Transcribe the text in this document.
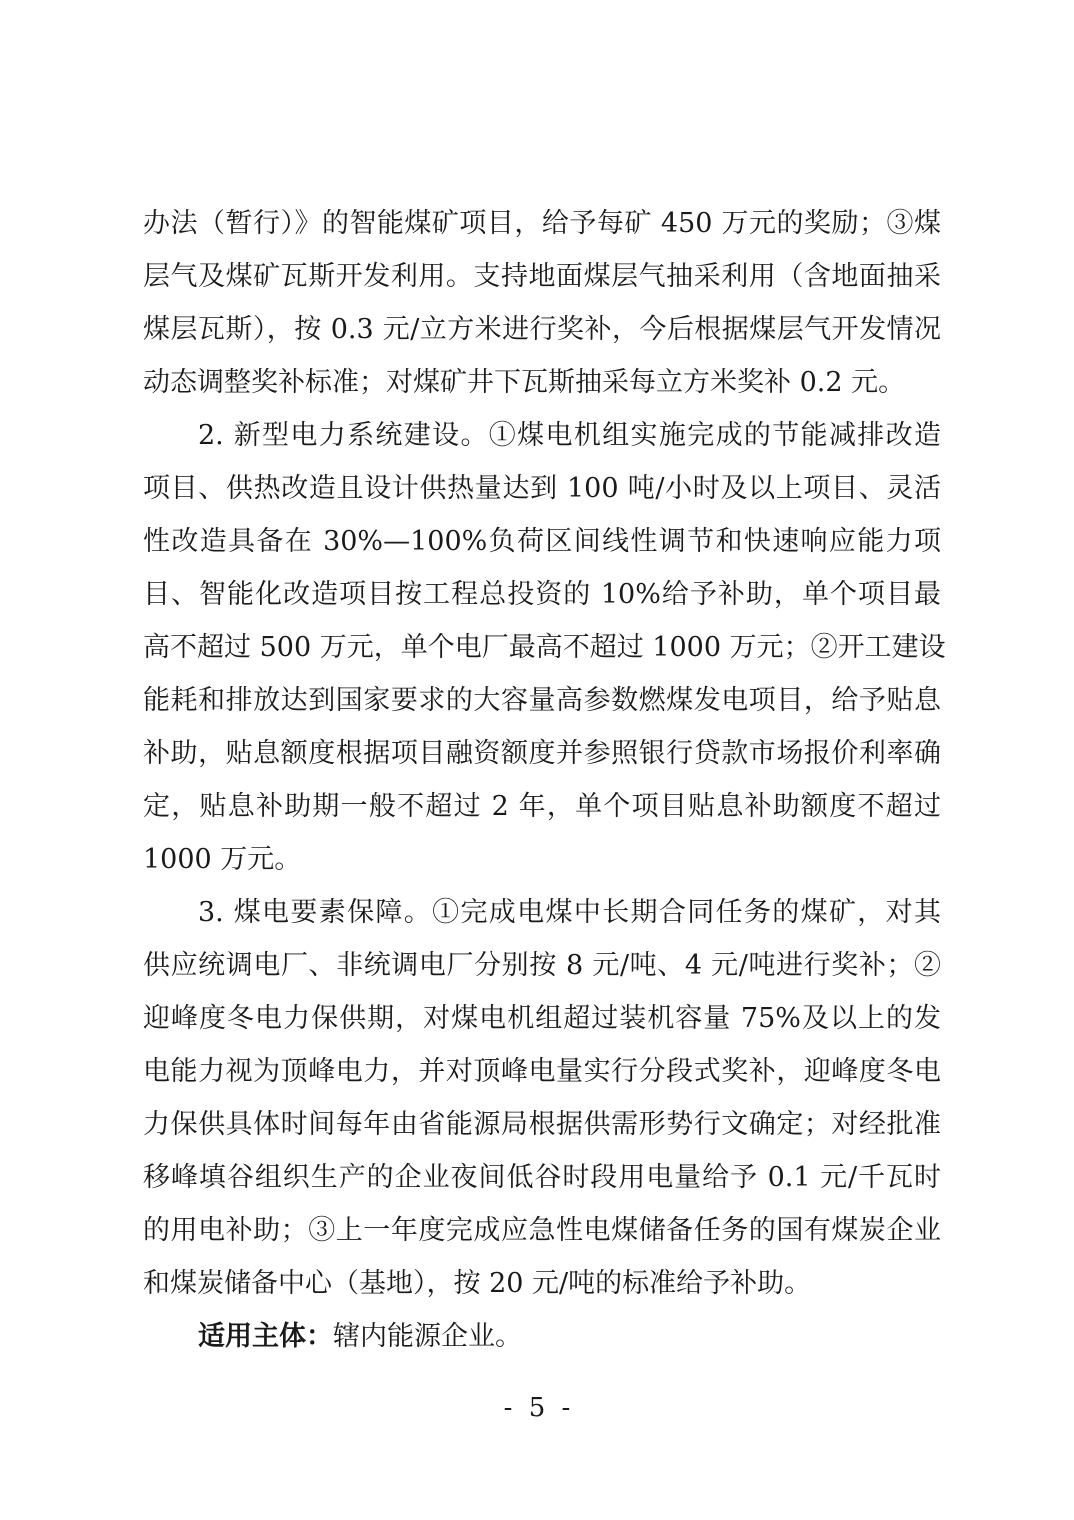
办法（暂行）》的智能煤矿项目，给予每矿 450 万元的奖励；③煤
层气及煤矿瓦斯开发利用。支持地面煤层气抽采利用（含地面抽采
煤层瓦斯），按 0.3 元/立方米进行奖补，今后根据煤层气开发情况
动态调整奖补标准；对煤矿井下瓦斯抽采每立方米奖补 0.2 元。
2. 新型电力系统建设。①煤电机组实施完成的节能减排改造
项目、供热改造且设计供热量达到 100 吨/小时及以上项目、灵活
性改造具备在 30%—100%负荷区间线性调节和快速响应能力项
目、智能化改造项目按工程总投资的 10%给予补助，单个项目最
高不超过 500 万元，单个电厂最高不超过 1000 万元；②开工建设
能耗和排放达到国家要求的大容量高参数燃煤发电项目，给予贴息
补助，贴息额度根据项目融资额度并参照银行贷款市场报价利率确
定，贴息补助期一般不超过 2 年，单个项目贴息补助额度不超过
1000 万元。
3. 煤电要素保障。①完成电煤中长期合同任务的煤矿，对其
供应统调电厂、非统调电厂分别按 8 元/吨、4 元/吨进行奖补；②
迎峰度冬电力保供期，对煤电机组超过装机容量 75%及以上的发
电能力视为顶峰电力，并对顶峰电量实行分段式奖补，迎峰度冬电
力保供具体时间每年由省能源局根据供需形势行文确定；对经批准
移峰填谷组织生产的企业夜间低谷时段用电量给予 0.1 元/千瓦时
的用电补助；③上一年度完成应急性电煤储备任务的国有煤炭企业
和煤炭储备中心（基地），按 20 元/吨的标准给予补助。
适用主体：辖内能源企业。
- 5 -
